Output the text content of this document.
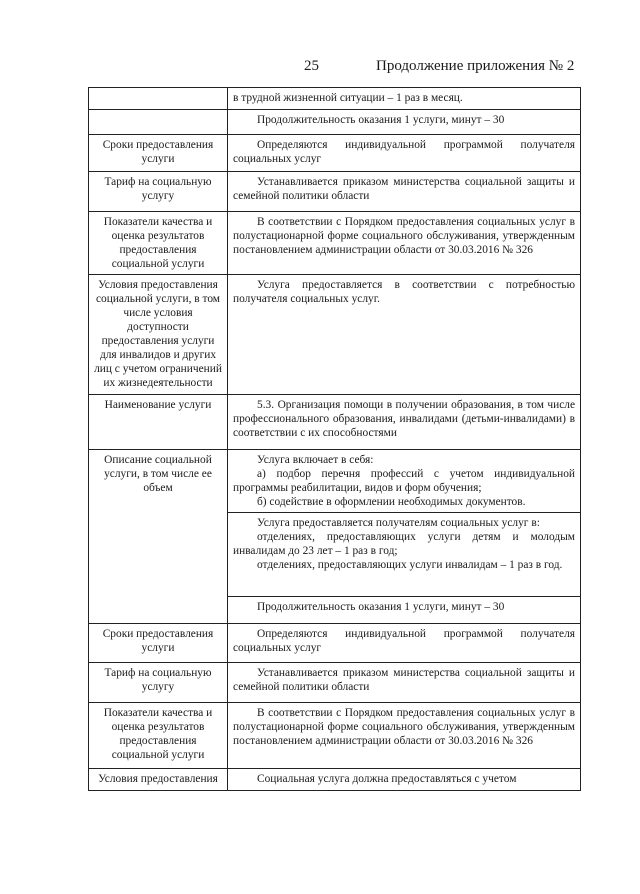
25	Продолжение приложения № 2

	в трудной жизненной ситуации – 1 раз в месяц.

	Продолжительность оказания 1 услуги, минут – 30

Сроки предоставления услуги	Определяются индивидуальной программой получателя социальных услуг

Тариф на социальную услугу	Устанавливается приказом министерства социальной защиты и семейной политики области

Показатели качества и оценка результатов предоставления социальной услуги	В соответствии с Порядком предоставления социальных услуг в полустационарной форме социального обслуживания, утвержденным постановлением администрации области от 30.03.2016 № 326

Условия предоставления социальной услуги, в том числе условия доступности предоставления услуги для инвалидов и других лиц с учетом ограничений их жизнедеятельности	Услуга предоставляется в соответствии с потребностью получателя социальных услуг.

Наименование услуги	5.3. Организация помощи в получении образования, в том числе профессионального образования, инвалидами (детьми-инвалидами) в соответствии с их способностями

Описание социальной услуги, в том числе ее объем	Услуга включает в себя:

а) подбор перечня профессий с учетом индивидуальной программы реабилитации, видов и форм обучения;

б) содействие в оформлении необходимых документов.

	Услуга предоставляется получателям социальных услуг в:

отделениях, предоставляющих услуги детям и молодым инвалидам до 23 лет – 1 раз в год;

отделениях, предоставляющих услуги инвалидам – 1 раз в год.

	Продолжительность оказания 1 услуги, минут – 30

Сроки предоставления услуги	Определяются индивидуальной программой получателя социальных услуг

Тариф на социальную услугу	Устанавливается приказом министерства социальной защиты и семейной политики области

Показатели качества и оценка результатов предоставления социальной услуги	В соответствии с Порядком предоставления социальных услуг в полустационарной форме социального обслуживания, утвержденным постановлением администрации области от 30.03.2016 № 326

Условия предоставления	Социальная услуга должна предоставляться с учетом
